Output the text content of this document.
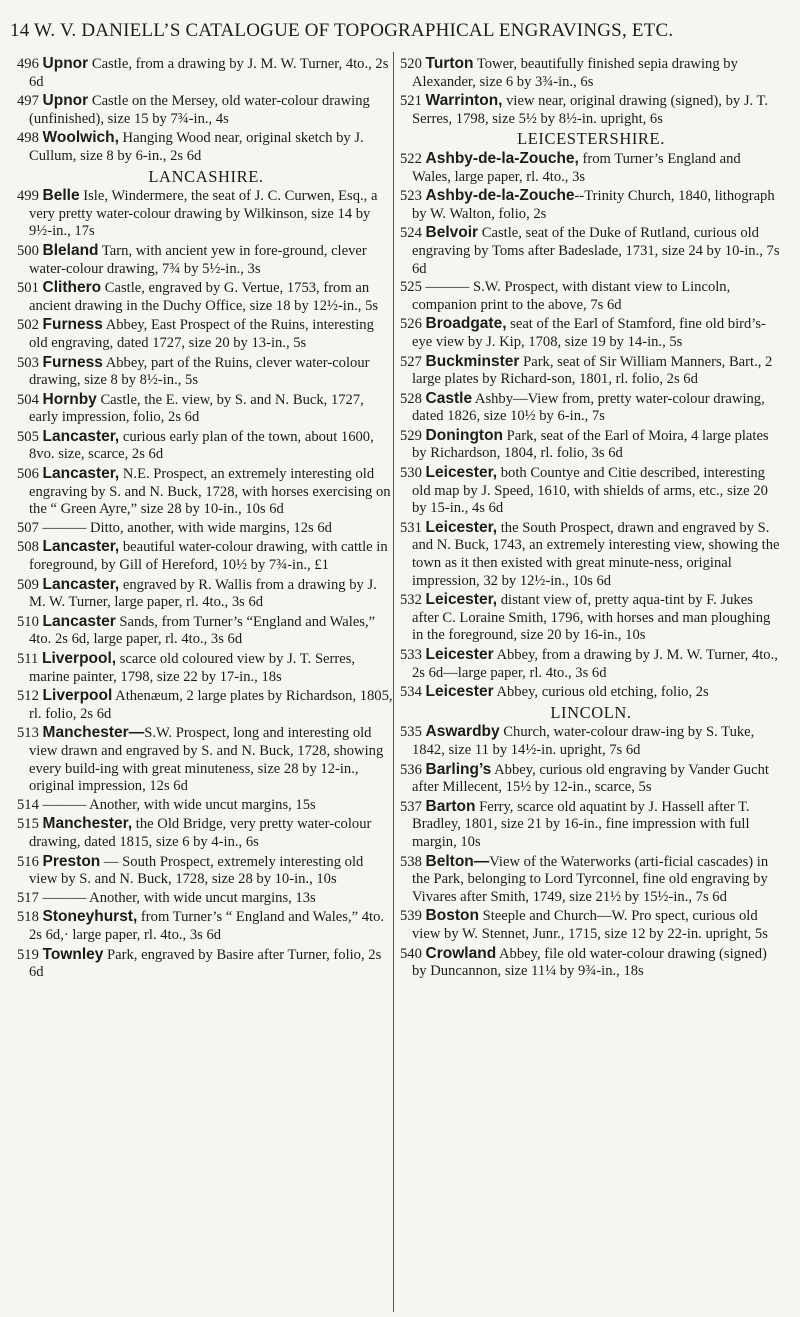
14 W. V. DANIELL’S CATALOGUE OF TOPOGRAPHICAL ENGRAVINGS, ETC.
496 Upnor Castle, from a drawing by J. M. W. Turner, 4to., 2s 6d
497 Upnor Castle on the Mersey, old water-colour drawing (unfinished), size 15 by 7¾-in., 4s
498 Woolwich, Hanging Wood near, original sketch by J. Cullum, size 8 by 6-in., 2s 6d
LANCASHIRE.
499 Belle Isle, Windermere, the seat of J. C. Curwen, Esq., a very pretty water-colour drawing by Wilkinson, size 14 by 9½-in., 17s
500 Bleland Tarn, with ancient yew in fore-ground, clever water-colour drawing, 7¾ by 5½-in., 3s
501 Clithero Castle, engraved by G. Vertue, 1753, from an ancient drawing in the Duchy Office, size 18 by 12½-in., 5s
502 Furness Abbey, East Prospect of the Ruins, interesting old engraving, dated 1727, size 20 by 13-in., 5s
503 Furness Abbey, part of the Ruins, clever water-colour drawing, size 8 by 8½-in., 5s
504 Hornby Castle, the E. view, by S. and N. Buck, 1727, early impression, folio, 2s 6d
505 Lancaster, curious early plan of the town, about 1600, 8vo. size, scarce, 2s 6d
506 Lancaster, N.E. Prospect, an extremely interesting old engraving by S. and N. Buck, 1728, with horses exercising on the “ Green Ayre,” size 28 by 10-in., 10s 6d
507 ——— Ditto, another, with wide margins, 12s 6d
508 Lancaster, beautiful water-colour drawing, with cattle in foreground, by Gill of Hereford, 10½ by 7¾-in., £1
509 Lancaster, engraved by R. Wallis from a drawing by J. M. W. Turner, large paper, rl. 4to., 3s 6d
510 Lancaster Sands, from Turner’s “England and Wales,” 4to. 2s 6d, large paper, rl. 4to., 3s 6d
511 Liverpool, scarce old coloured view by J. T. Serres, marine painter, 1798, size 22 by 17-in., 18s
512 Liverpool Athenæum, 2 large plates by Richardson, 1805, rl. folio, 2s 6d
513 Manchester—S.W. Prospect, long and interesting old view drawn and engraved by S. and N. Buck, 1728, showing every build-ing with great minuteness, size 28 by 12-in., original impression, 12s 6d
514 ——— Another, with wide uncut margins, 15s
515 Manchester, the Old Bridge, very pretty water-colour drawing, dated 1815, size 6 by 4-in., 6s
516 Preston — South Prospect, extremely interesting old view by S. and N. Buck, 1728, size 28 by 10-in., 10s
517 ——— Another, with wide uncut margins, 13s
518 Stoneyhurst, from Turner’s “ England and Wales,” 4to. 2s 6d,· large paper, rl. 4to., 3s 6d
519 Townley Park, engraved by Basire after Turner, folio, 2s 6d
520 Turton Tower, beautifully finished sepia drawing by Alexander, size 6 by 3¾-in., 6s
521 Warrinton, view near, original drawing (signed), by J. T. Serres, 1798, size 5½ by 8½-in. upright, 6s
LEICESTERSHIRE.
522 Ashby-de-la-Zouche, from Turner’s England and Wales, large paper, rl. 4to., 3s
523 Ashby-de-la-Zouche--Trinity Church, 1840, lithograph by W. Walton, folio, 2s
524 Belvoir Castle, seat of the Duke of Rutland, curious old engraving by Toms after Badeslade, 1731, size 24 by 10-in., 7s 6d
525 ——— S.W. Prospect, with distant view to Lincoln, companion print to the above, 7s 6d
526 Broadgate, seat of the Earl of Stamford, fine old bird’s-eye view by J. Kip, 1708, size 19 by 14-in., 5s
527 Buckminster Park, seat of Sir William Manners, Bart., 2 large plates by Richard-son, 1801, rl. folio, 2s 6d
528 Castle Ashby—View from, pretty water-colour drawing, dated 1826, size 10½ by 6-in., 7s
529 Donington Park, seat of the Earl of Moira, 4 large plates by Richardson, 1804, rl. folio, 3s 6d
530 Leicester, both Countye and Citie described, interesting old map by J. Speed, 1610, with shields of arms, etc., size 20 by 15-in., 4s 6d
531 Leicester, the South Prospect, drawn and engraved by S. and N. Buck, 1743, an extremely interesting view, showing the town as it then existed with great minute-ness, original impression, 32 by 12½-in., 10s 6d
532 Leicester, distant view of, pretty aqua-tint by F. Jukes after C. Loraine Smith, 1796, with horses and man ploughing in the foreground, size 20 by 16-in., 10s
533 Leicester Abbey, from a drawing by J. M. W. Turner, 4to., 2s 6d—large paper, rl. 4to., 3s 6d
534 Leicester Abbey, curious old etching, folio, 2s
LINCOLN.
535 Aswardby Church, water-colour draw-ing by S. Tuke, 1842, size 11 by 14½-in. upright, 7s 6d
536 Barling’s Abbey, curious old engraving by Vander Gucht after Millecent, 15½ by 12-in., scarce, 5s
537 Barton Ferry, scarce old aquatint by J. Hassell after T. Bradley, 1801, size 21 by 16-in., fine impression with full margin, 10s
538 Belton—View of the Waterworks (arti-ficial cascades) in the Park, belonging to Lord Tyrconnel, fine old engraving by Vivares after Smith, 1749, size 21½ by 15½-in., 7s 6d
539 Boston Steeple and Church—W. Pro spect, curious old view by W. Stennet, Junr., 1715, size 12 by 22-in. upright, 5s
540 Crowland Abbey, file old water-colour drawing (signed) by Duncannon, size 11¼ by 9¾-in., 18s
